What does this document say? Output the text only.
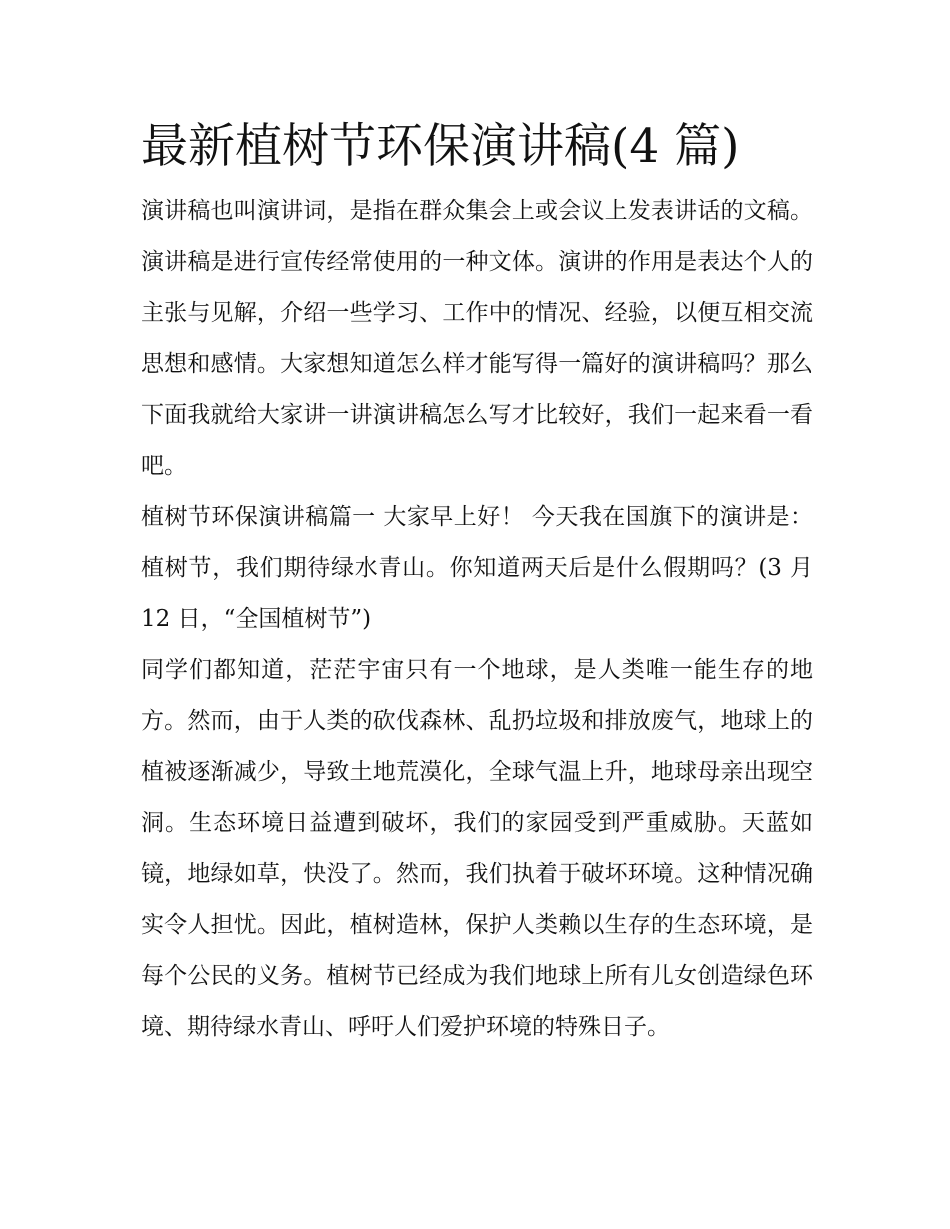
最新植树节环保演讲稿(4 篇)

演讲稿也叫演讲词，是指在群众集会上或会议上发表讲话的文稿。演讲稿是进行宣传经常使用的一种文体。演讲的作用是表达个人的主张与见解，介绍一些学习、工作中的情况、经验，以便互相交流思想和感情。大家想知道怎么样才能写得一篇好的演讲稿吗？那么下面我就给大家讲一讲演讲稿怎么写才比较好，我们一起来看一看吧。

植树节环保演讲稿篇一 大家早上好！ 今天我在国旗下的演讲是：植树节，我们期待绿水青山。你知道两天后是什么假期吗？(3 月 12 日，“全国植树节”)

同学们都知道，茫茫宇宙只有一个地球，是人类唯一能生存的地方。然而，由于人类的砍伐森林、乱扔垃圾和排放废气，地球上的植被逐渐减少，导致土地荒漠化，全球气温上升，地球母亲出现空洞。生态环境日益遭到破坏，我们的家园受到严重威胁。天蓝如镜，地绿如草，快没了。然而，我们执着于破坏环境。这种情况确实令人担忧。因此，植树造林，保护人类赖以生存的生态环境，是每个公民的义务。植树节已经成为我们地球上所有儿女创造绿色环境、期待绿水青山、呼吁人们爱护环境的特殊日子。
